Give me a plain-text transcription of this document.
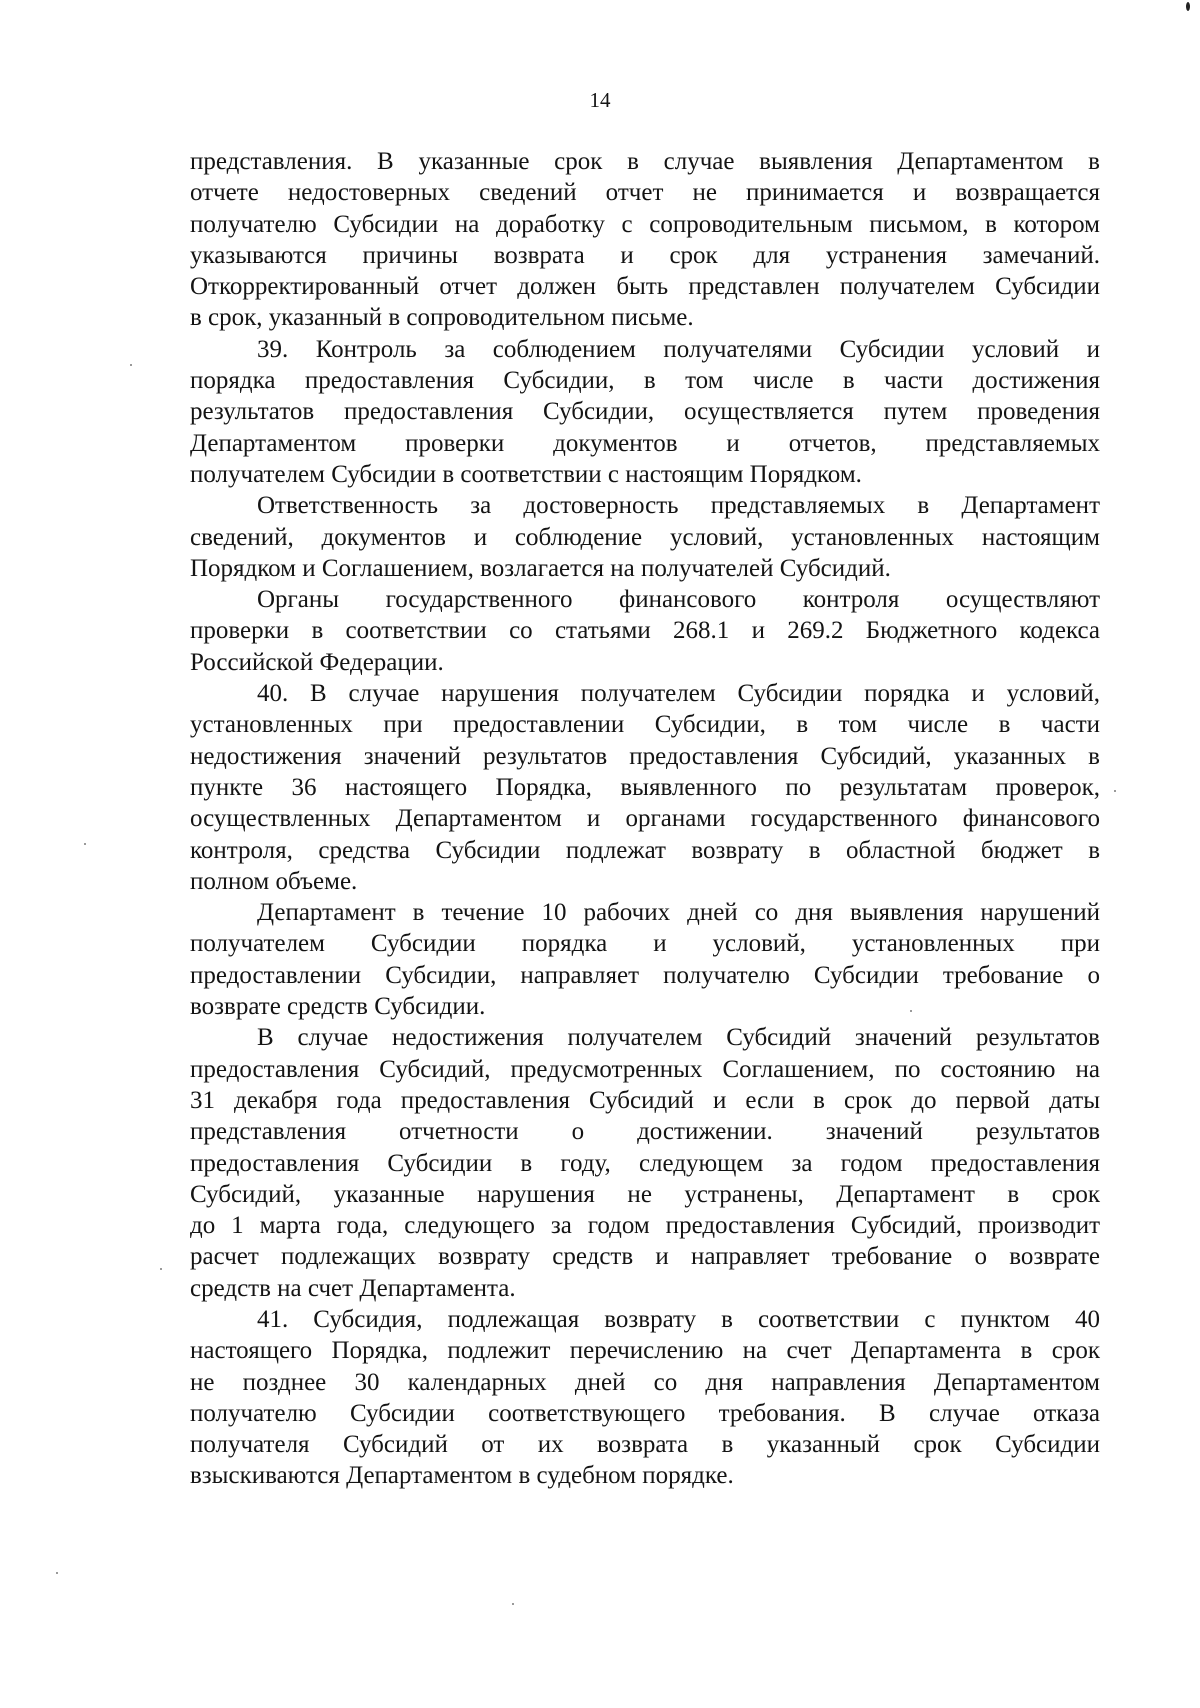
14

представления. В указанные срок в случае выявления Департаментом в
отчете недостоверных сведений отчет не принимается и возвращается
получателю Субсидии на доработку с сопроводительным письмом, в котором
указываются причины возврата и срок для устранения замечаний.
Откорректированный отчет должен быть представлен получателем Субсидии
в срок, указанный в сопроводительном письме.

39. Контроль за соблюдением получателями Субсидии условий и
порядка предоставления Субсидии, в том числе в части достижения
результатов предоставления Субсидии, осуществляется путем проведения
Департаментом проверки документов и отчетов, представляемых
получателем Субсидии в соответствии с настоящим Порядком.

Ответственность за достоверность представляемых в Департамент
сведений, документов и соблюдение условий, установленных настоящим
Порядком и Соглашением, возлагается на получателей Субсидий.

Органы государственного финансового контроля осуществляют
проверки в соответствии со статьями 268.1 и 269.2 Бюджетного кодекса
Российской Федерации.

40. В случае нарушения получателем Субсидии порядка и условий,
установленных при предоставлении Субсидии, в том числе в части
недостижения значений результатов предоставления Субсидий, указанных в
пункте 36 настоящего Порядка, выявленного по результатам проверок,
осуществленных Департаментом и органами государственного финансового
контроля, средства Субсидии подлежат возврату в областной бюджет в
полном объеме.

Департамент в течение 10 рабочих дней со дня выявления нарушений
получателем Субсидии порядка и условий, установленных при
предоставлении Субсидии, направляет получателю Субсидии требование о
возврате средств Субсидии.

В случае недостижения получателем Субсидий значений результатов
предоставления Субсидий, предусмотренных Соглашением, по состоянию на
31 декабря года предоставления Субсидий и если в срок до первой даты
представления отчетности о достижении. значений результатов
предоставления Субсидии в году, следующем за годом предоставления
Субсидий, указанные нарушения не устранены, Департамент в срок
до 1 марта года, следующего за годом предоставления Субсидий, производит
расчет подлежащих возврату средств и направляет требование о возврате
средств на счет Департамента.

41. Субсидия, подлежащая возврату в соответствии с пунктом 40
настоящего Порядка, подлежит перечислению на счет Департамента в срок
не позднее 30 календарных дней со дня направления Департаментом
получателю Субсидии соответствующего требования. В случае отказа
получателя Субсидий от их возврата в указанный срок Субсидии
взыскиваются Департаментом в судебном порядке.
